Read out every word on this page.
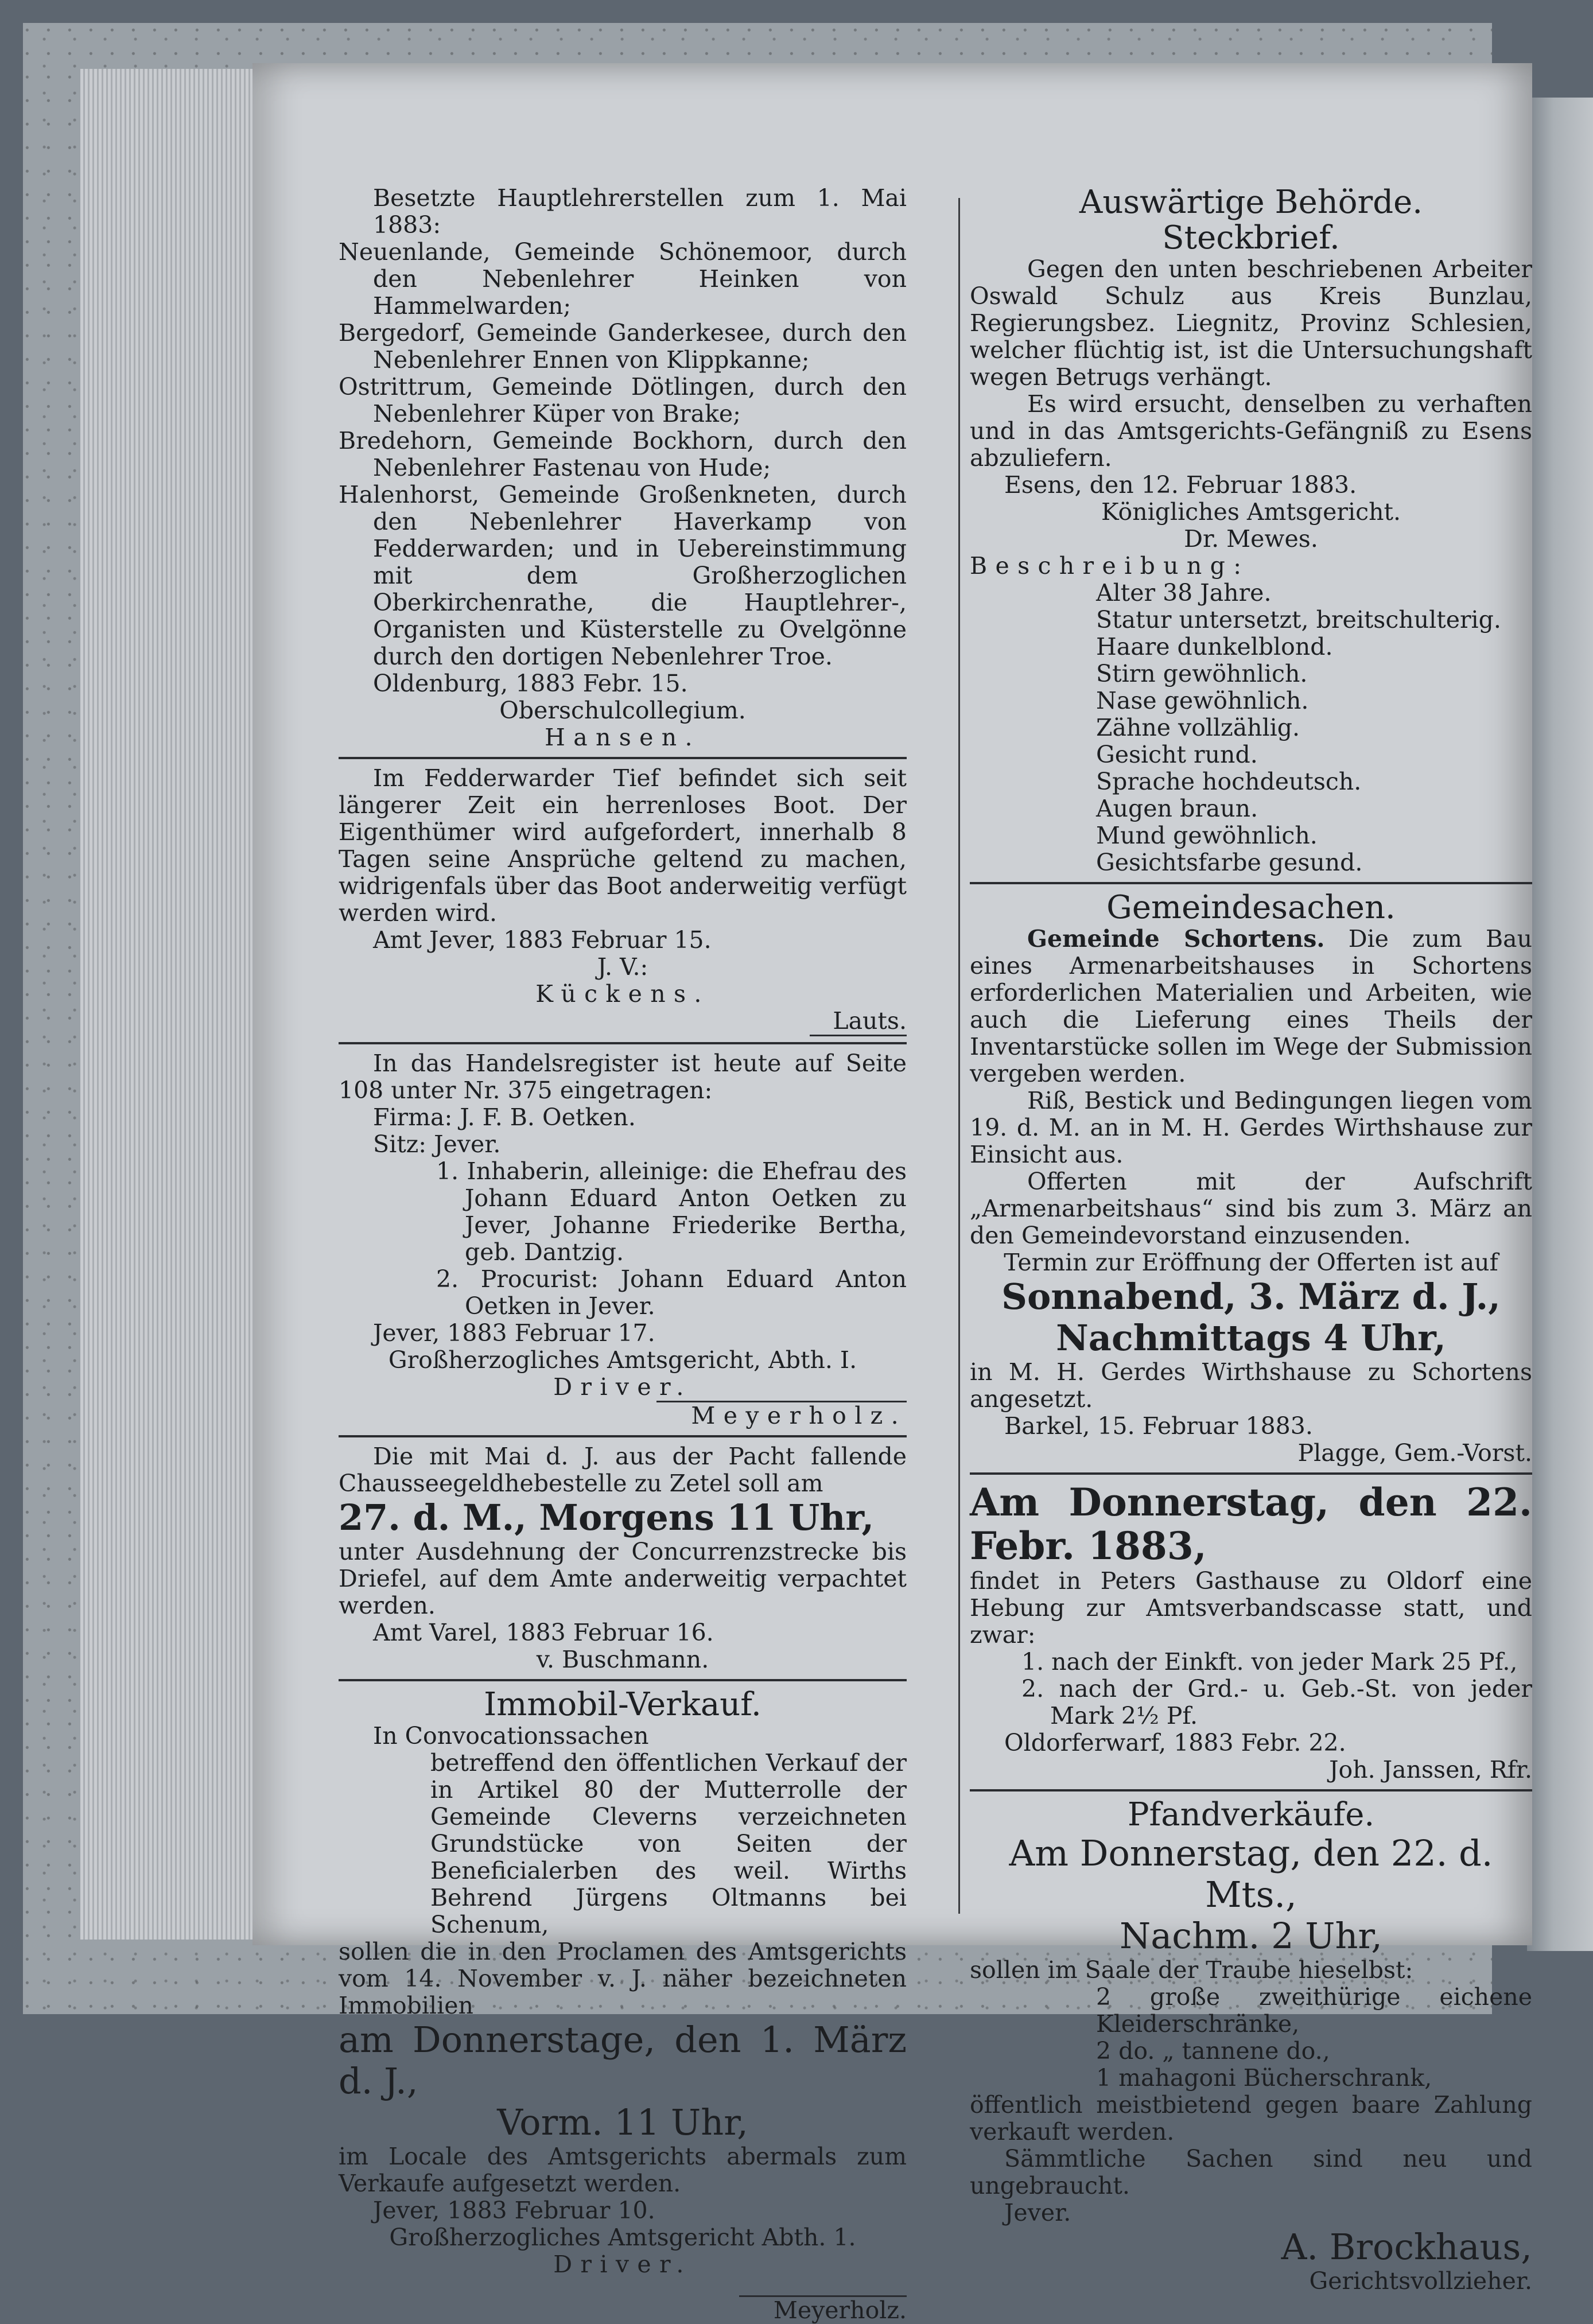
Besetzte Hauptlehrerstellen zum 1. Mai 1883:

Neuenlande, Gemeinde Schönemoor, durch den Nebenlehrer Heinken von Hammelwarden;

Bergedorf, Gemeinde Ganderkesee, durch den Nebenlehrer Ennen von Klippkanne;

Ostrittrum, Gemeinde Dötlingen, durch den Nebenlehrer Küper von Brake;

Bredehorn, Gemeinde Bockhorn, durch den Nebenlehrer Fastenau von Hude;

Halenhorst, Gemeinde Großenkneten, durch den Nebenlehrer Haverkamp von Fedderwarden; und in Uebereinstimmung mit dem Großherzoglichen Oberkirchenrathe, die Hauptlehrer-, Organisten und Küsterstelle zu Ovelgönne durch den dortigen Nebenlehrer Troe.

Oldenburg, 1883 Febr. 15.

Oberschulcollegium.

Hansen.

Im Fedderwarder Tief befindet sich seit längerer Zeit ein herrenloses Boot. Der Eigenthümer wird aufgefordert, innerhalb 8 Tagen seine Ansprüche geltend zu machen, widrigenfals über das Boot anderweitig verfügt werden wird.

Amt Jever, 1883 Februar 15.

J. V.:

Kückens.

Lauts.

In das Handelsregister ist heute auf Seite 108 unter Nr. 375 eingetragen:

Firma: J. F. B. Oetken.

Sitz: Jever.

1. Inhaberin, alleinige: die Ehefrau des Johann Eduard Anton Oetken zu Jever, Johanne Friederike Bertha, geb. Dantzig.

2. Procurist: Johann Eduard Anton Oetken in Jever.

Jever, 1883 Februar 17.

Großherzogliches Amtsgericht, Abth. I.

Driver.

Meyerholz.

Die mit Mai d. J. aus der Pacht fallende Chausseegeldhebestelle zu Zetel soll am

27. d. M., Morgens 11 Uhr,

unter Ausdehnung der Concurrenzstrecke bis Driefel, auf dem Amte anderweitig verpachtet werden.

Amt Varel, 1883 Februar 16.

v. Buschmann.

Immobil-Verkauf.

In Convocationssachen

betreffend den öffentlichen Verkauf der in Artikel 80 der Mutterrolle der Gemeinde Cleverns verzeichneten Grundstücke von Seiten der Beneficialerben des weil. Wirths Behrend Jürgens Oltmanns bei Schenum,

sollen die in den Proclamen des Amtsgerichts vom 14. November v. J. näher bezeichneten Immobilien

am Donnerstage, den 1. März d. J.,

Vorm. 11 Uhr,

im Locale des Amtsgerichts abermals zum Verkaufe aufgesetzt werden.

Jever, 1883 Februar 10.

Großherzogliches Amtsgericht Abth. 1.

Driver.

Meyerholz.

Auswärtige Behörde.

Steckbrief.

Gegen den unten beschriebenen Arbeiter Oswald Schulz aus Kreis Bunzlau, Regierungsbez. Liegnitz, Provinz Schlesien, welcher flüchtig ist, ist die Untersuchungshaft wegen Betrugs verhängt.

Es wird ersucht, denselben zu verhaften und in das Amtsgerichts-Gefängniß zu Esens abzuliefern.

Esens, den 12. Februar 1883.

Königliches Amtsgericht.

Dr. Mewes.

Beschreibung:

Alter 38 Jahre.

Statur untersetzt, breitschulterig.

Haare dunkelblond.

Stirn gewöhnlich.

Nase gewöhnlich.

Zähne vollzählig.

Gesicht rund.

Sprache hochdeutsch.

Augen braun.

Mund gewöhnlich.

Gesichtsfarbe gesund.

Gemeindesachen.

Gemeinde Schortens. Die zum Bau eines Armenarbeitshauses in Schortens erforderlichen Materialien und Arbeiten, wie auch die Lieferung eines Theils der Inventarstücke sollen im Wege der Submission vergeben werden.

Riß, Bestick und Bedingungen liegen vom 19. d. M. an in M. H. Gerdes Wirthshause zur Einsicht aus.

Offerten mit der Aufschrift „Armenarbeitshaus“ sind bis zum 3. März an den Gemeindevorstand einzusenden.

Termin zur Eröffnung der Offerten ist auf

Sonnabend, 3. März d. J.,

Nachmittags 4 Uhr,

in M. H. Gerdes Wirthshause zu Schortens angesetzt.

Barkel, 15. Februar 1883.

Plagge, Gem.-Vorst.

Am Donnerstag, den 22. Febr. 1883,

findet in Peters Gasthause zu Oldorf eine Hebung zur Amtsverbandscasse statt, und zwar:

1. nach der Einkft. von jeder Mark 25 Pf.,

2. nach der Grd.- u. Geb.-St. von jeder Mark 2½ Pf.

Oldorferwarf, 1883 Febr. 22.

Joh. Janssen, Rfr.

Pfandverkäufe.

Am Donnerstag, den 22. d. Mts.,

Nachm. 2 Uhr,

sollen im Saale der Traube hieselbst:

2 große zweithürige eichene Kleiderschränke,

2 do. „ tannene do.,

1 mahagoni Bücherschrank,

öffentlich meistbietend gegen baare Zahlung verkauft werden.

Sämmtliche Sachen sind neu und ungebraucht.

Jever.

A. Brockhaus,

Gerichtsvollzieher.
